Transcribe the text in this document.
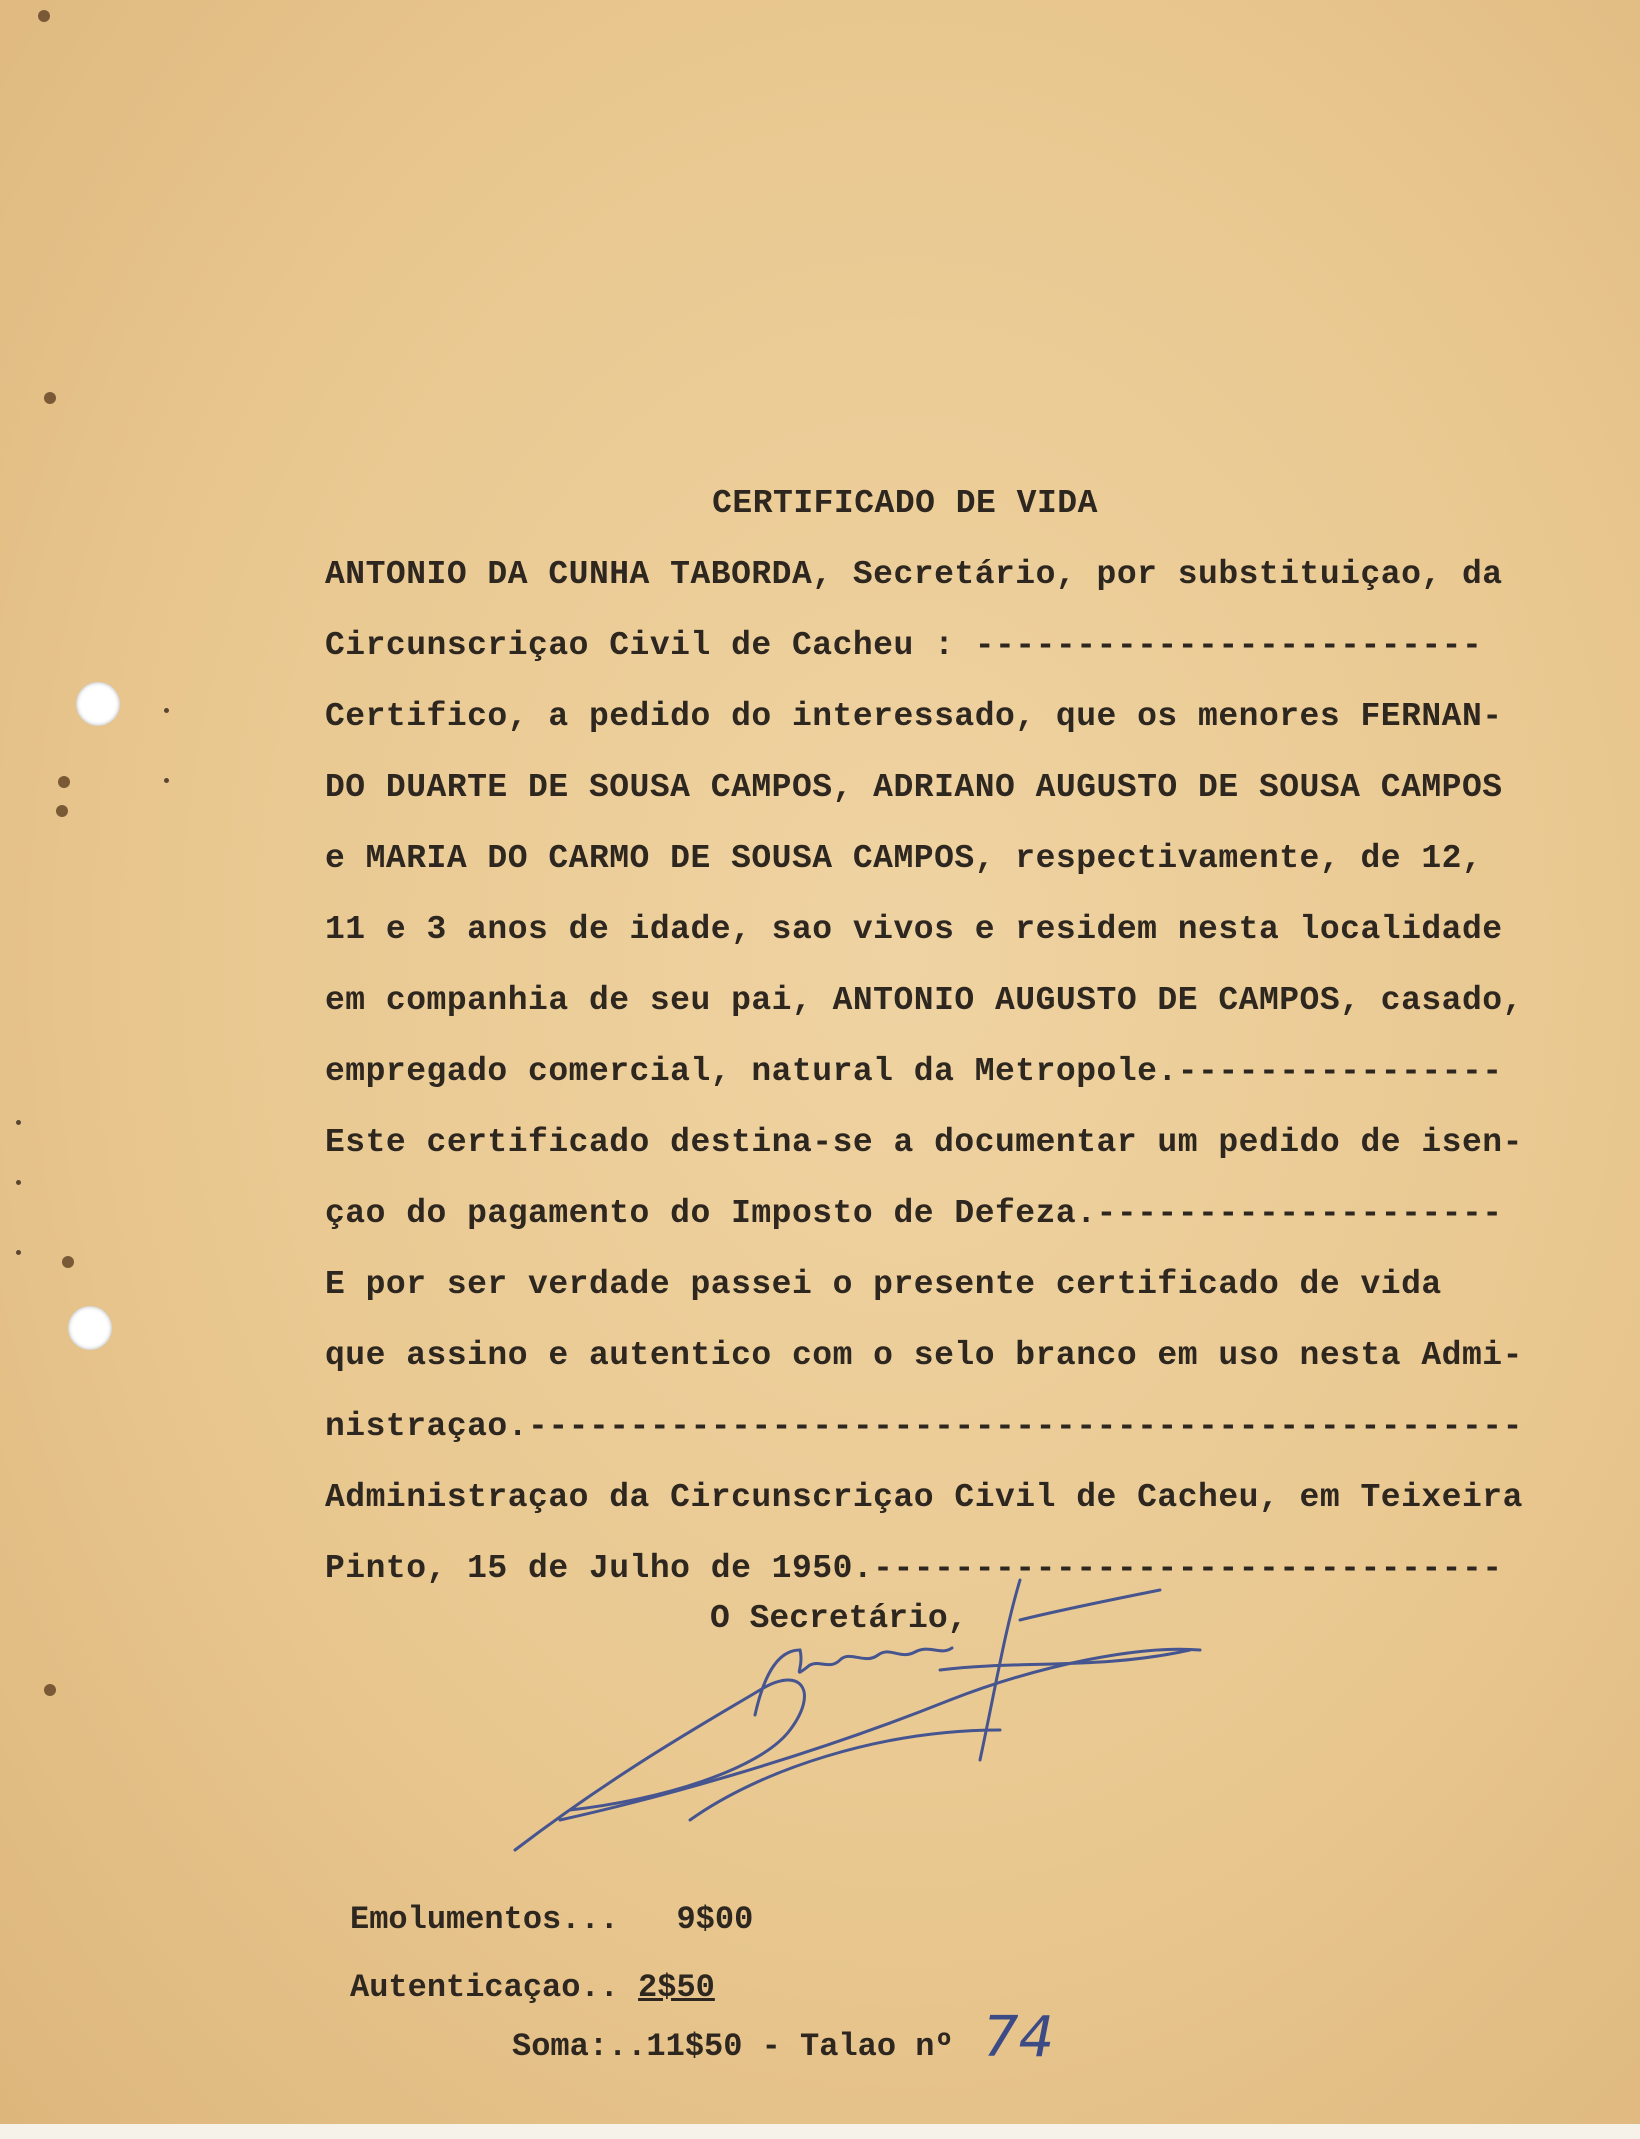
CERTIFICADO DE VIDA
ANTONIO DA CUNHA TABORDA, Secretário, por substituiçao, da
Circunscriçao Civil de Cacheu : -------------------------
Certifico, a pedido do interessado, que os menores FERNAN-
DO DUARTE DE SOUSA CAMPOS, ADRIANO AUGUSTO DE SOUSA CAMPOS
e MARIA DO CARMO DE SOUSA CAMPOS, respectivamente, de 12,
11 e 3 anos de idade, sao vivos e residem nesta localidade
em companhia de seu pai, ANTONIO AUGUSTO DE CAMPOS, casado,
empregado comercial, natural da Metropole.----------------
Este certificado destina-se a documentar um pedido de isen-
çao do pagamento do Imposto de Defeza.--------------------
E por ser verdade passei o presente certificado de vida
que assino e autentico com o selo branco em uso nesta Admi-
nistraçao.-------------------------------------------------
Administraçao da Circunscriçao Civil de Cacheu, em Teixeira
Pinto, 15 de Julho de 1950.-------------------------------
O Secretário,
Emolumentos... 9$00
Autenticaçao.. 2$50
Soma:..11$50 - Talao nº 74
